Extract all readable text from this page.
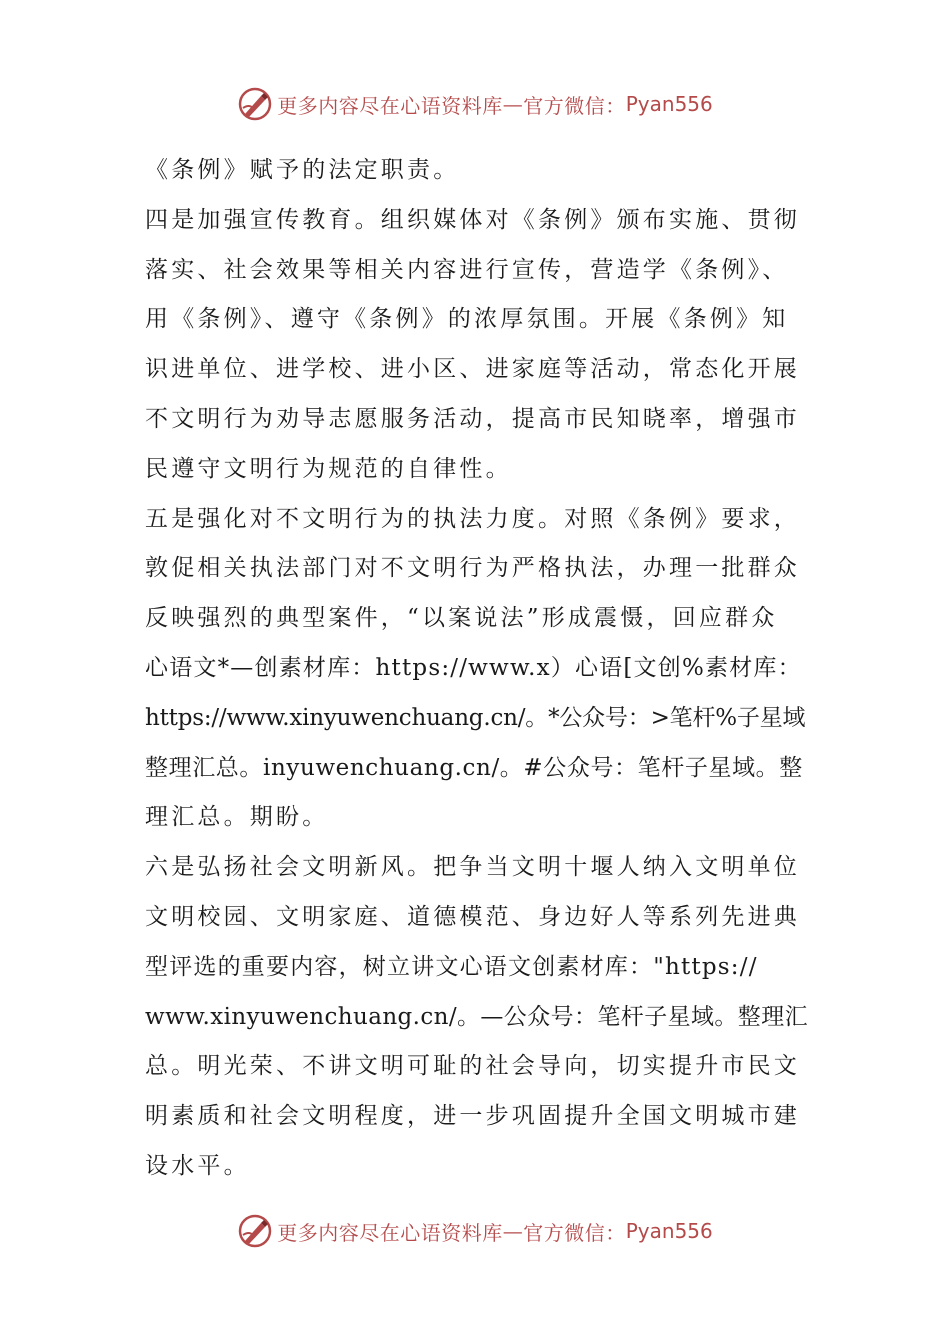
更多内容尽在心语资料库 — 官方微信： Pyan556
《条例》赋予的法定职责。
四是加强宣传教育。组织媒体对《条例》颁布实施、贯彻
落实、社会效果等相关内容进行宣传，营造学《条例》、
用《条例》、遵守《条例》的浓厚氛围。开展《条例》知
识进单位、进学校、进小区、进家庭等活动，常态化开展
不文明行为劝导志愿服务活动，提高市民知晓率，增强市
民遵守文明行为规范的自律性。
五是强化对不文明行为的执法力度。对照《条例》要求，
敦促相关执法部门对不文明行为严格执法，办理一批群众
反映强烈的典型案件，“以案说法”形成震慑，回应群众
心语文*—创素材库：https://www.x）心语[文创%素材库：
https://www.xinyuwenchuang.cn/。*公众号：>笔杆%子星域
整理汇总。inyuwenchuang.cn/。#公众号：笔杆子星域。整
理汇总。期盼。
六是弘扬社会文明新风。把争当文明十堰人纳入文明单位
文明校园、文明家庭、道德模范、身边好人等系列先进典
型评选的重要内容，树立讲文心语文创素材库："https://
www.xinyuwenchuang.cn/。—公众号：笔杆子星域。整理汇
总。明光荣、不讲文明可耻的社会导向，切实提升市民文
明素质和社会文明程度，进一步巩固提升全国文明城市建
设水平。
更多内容尽在心语资料库 — 官方微信： Pyan556
